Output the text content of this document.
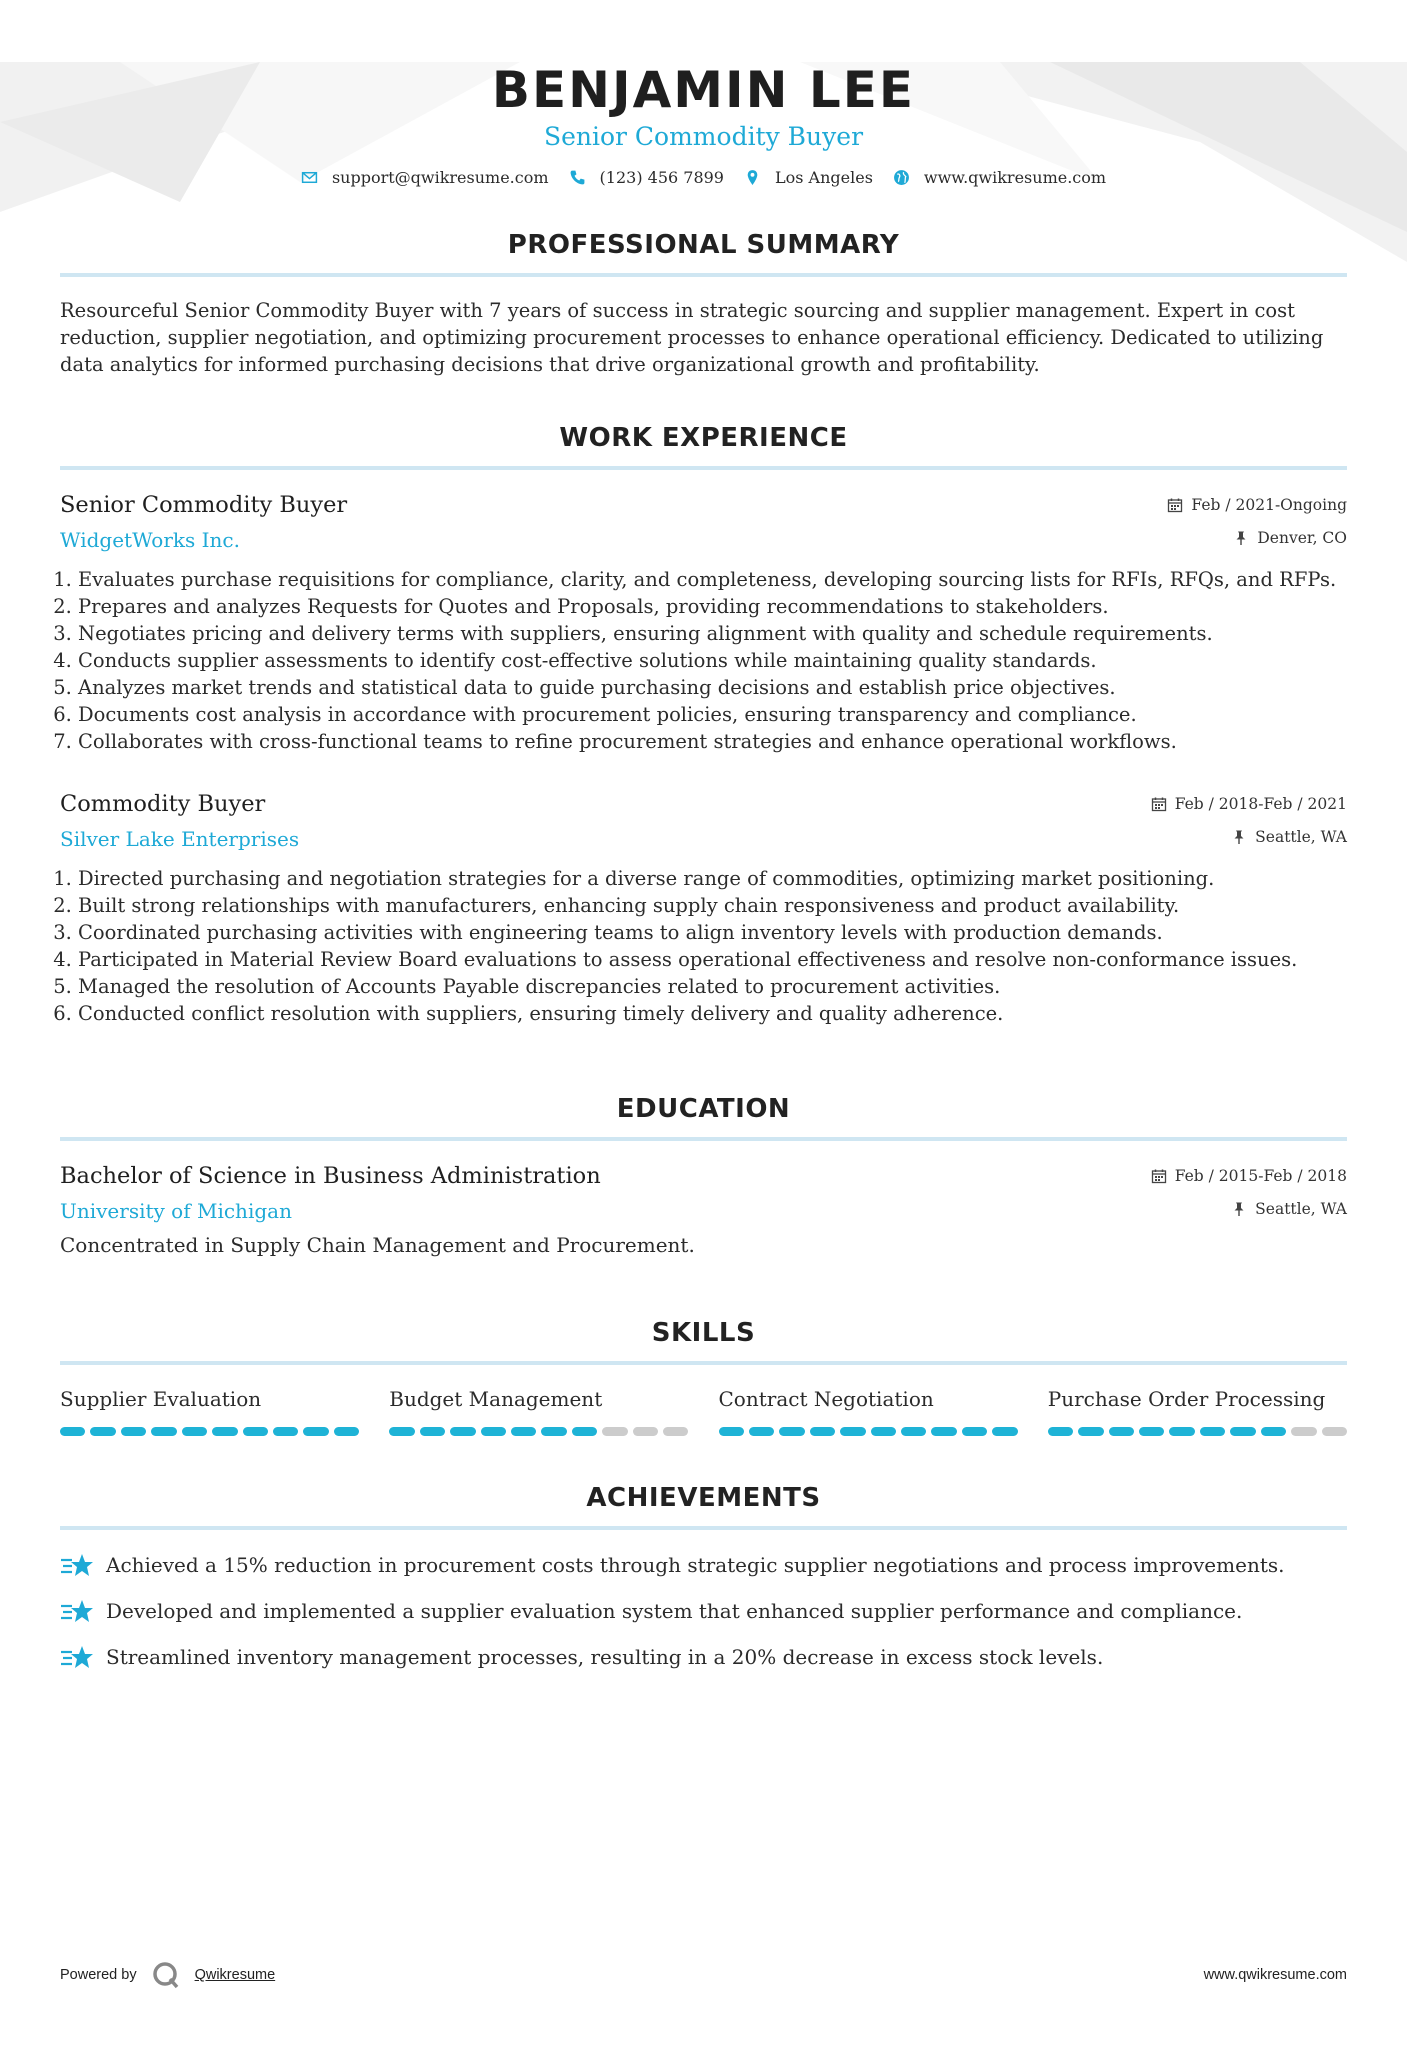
BENJAMIN LEE
Senior Commodity Buyer
support@qwikresume.com	(123) 456 7899	Los Angeles	www.qwikresume.com
PROFESSIONAL SUMMARY

Resourceful Senior Commodity Buyer with 7 years of success in strategic sourcing and supplier management. Expert in cost reduction, supplier negotiation, and optimizing procurement processes to enhance operational efficiency. Dedicated to utilizing data analytics for informed purchasing decisions that drive organizational growth and profitability.

WORK EXPERIENCE
Senior Commodity Buyer
WidgetWorks Inc.
Feb / 2021-Ongoing
Denver, CO
1. Evaluates purchase requisitions for compliance, clarity, and completeness, developing sourcing lists for RFIs, RFQs, and RFPs.
2. Prepares and analyzes Requests for Quotes and Proposals, providing recommendations to stakeholders.
3. Negotiates pricing and delivery terms with suppliers, ensuring alignment with quality and schedule requirements.
4. Conducts supplier assessments to identify cost-effective solutions while maintaining quality standards.
5. Analyzes market trends and statistical data to guide purchasing decisions and establish price objectives.
6. Documents cost analysis in accordance with procurement policies, ensuring transparency and compliance.
7. Collaborates with cross-functional teams to refine procurement strategies and enhance operational workflows.
Commodity Buyer
Silver Lake Enterprises
Feb / 2018-Feb / 2021
Seattle, WA
1. Directed purchasing and negotiation strategies for a diverse range of commodities, optimizing market positioning.
2. Built strong relationships with manufacturers, enhancing supply chain responsiveness and product availability.
3. Coordinated purchasing activities with engineering teams to align inventory levels with production demands.
4. Participated in Material Review Board evaluations to assess operational effectiveness and resolve non-conformance issues.
5. Managed the resolution of Accounts Payable discrepancies related to procurement activities.
6. Conducted conflict resolution with suppliers, ensuring timely delivery and quality adherence.
EDUCATION
Bachelor of Science in Business Administration
University of Michigan
Feb / 2015-Feb / 2018
Seattle, WA
Concentrated in Supply Chain Management and Procurement.
SKILLS
Supplier Evaluation	Budget Management	Contract Negotiation	Purchase Order Processing
ACHIEVEMENTS
Achieved a 15% reduction in procurement costs through strategic supplier negotiations and process improvements.
Developed and implemented a supplier evaluation system that enhanced supplier performance and compliance.
Streamlined inventory management processes, resulting in a 20% decrease in excess stock levels.
Powered by	Qwikresume	www.qwikresume.com
